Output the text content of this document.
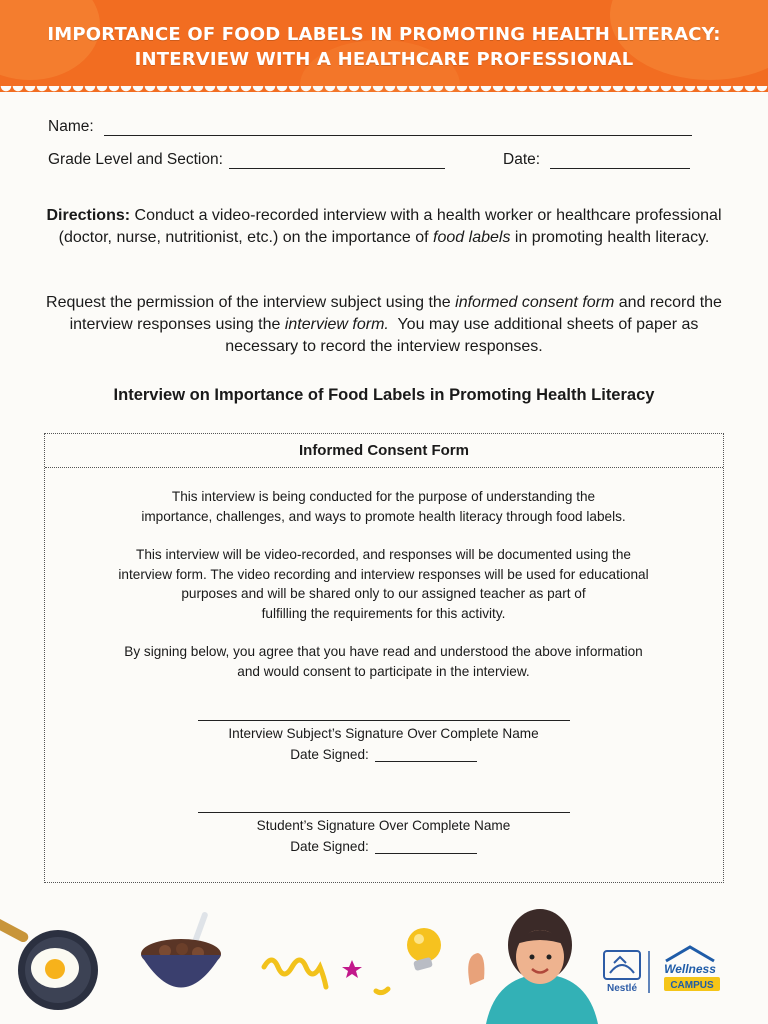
IMPORTANCE OF FOOD LABELS IN PROMOTING HEALTH LITERACY:
INTERVIEW WITH A HEALTHCARE PROFESSIONAL
Name:
Grade Level and Section:	Date:
Directions: Conduct a video-recorded interview with a health worker or healthcare professional (doctor, nurse, nutritionist, etc.) on the importance of food labels in promoting health literacy.
Request the permission of the interview subject using the informed consent form and record the interview responses using the interview form.  You may use additional sheets of paper as necessary to record the interview responses.
Interview on Importance of Food Labels in Promoting Health Literacy
Informed Consent Form
This interview is being conducted for the purpose of understanding the
importance, challenges, and ways to promote health literacy through food labels.
This interview will be video-recorded, and responses will be documented using the
interview form. The video recording and interview responses will be used for educational
purposes and will be shared only to our assigned teacher as part of
fulfilling the requirements for this activity.
By signing below, you agree that you have read and understood the above information
and would consent to participate in the interview.
Interview Subject’s Signature Over Complete Name
Date Signed:
Student’s Signature Over Complete Name
Date Signed:
Nestlé
Wellness
CAMPUS
